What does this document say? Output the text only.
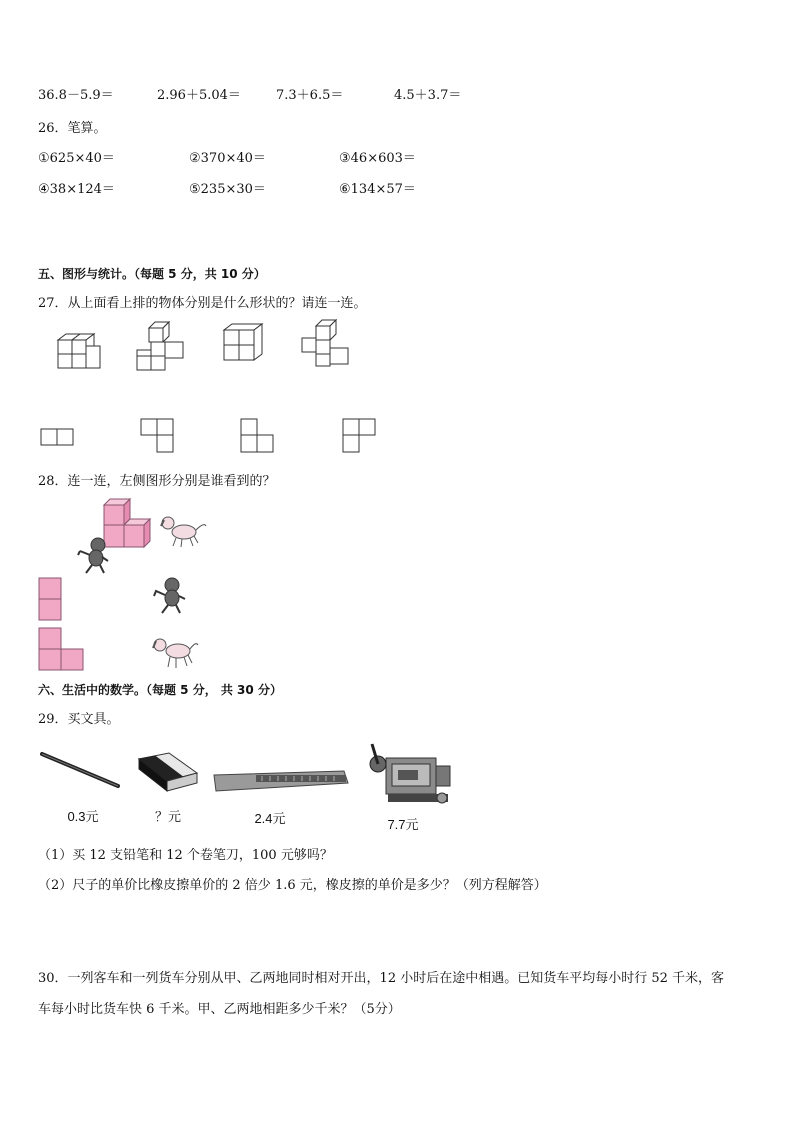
36.8－5.9＝	2.96＋5.04＝	7.3＋6.5＝	4.5＋3.7＝
26．笔算。
①625×40＝	②370×40＝	③46×603＝
④38×124＝	⑤235×30＝	⑥134×57＝
五、图形与统计。（每题 5 分，共 10 分）
27．从上面看上排的物体分别是什么形状的？请连一连。
28．连一连，左侧图形分别是谁看到的？
六、生活中的数学。（每题 5 分， 共 30 分）
29．买文具。
0.3元	？元	2.4元	7.7元
（1）买 12 支铅笔和 12 个卷笔刀，100 元够吗？
（2）尺子的单价比橡皮擦单价的 2 倍少 1.6 元，橡皮擦的单价是多少？（列方程解答）
30．一列客车和一列货车分别从甲、乙两地同时相对开出，12 小时后在途中相遇。已知货车平均每小时行 52 千米，客
车每小时比货车快 6 千米。甲、乙两地相距多少千米？（5分）
